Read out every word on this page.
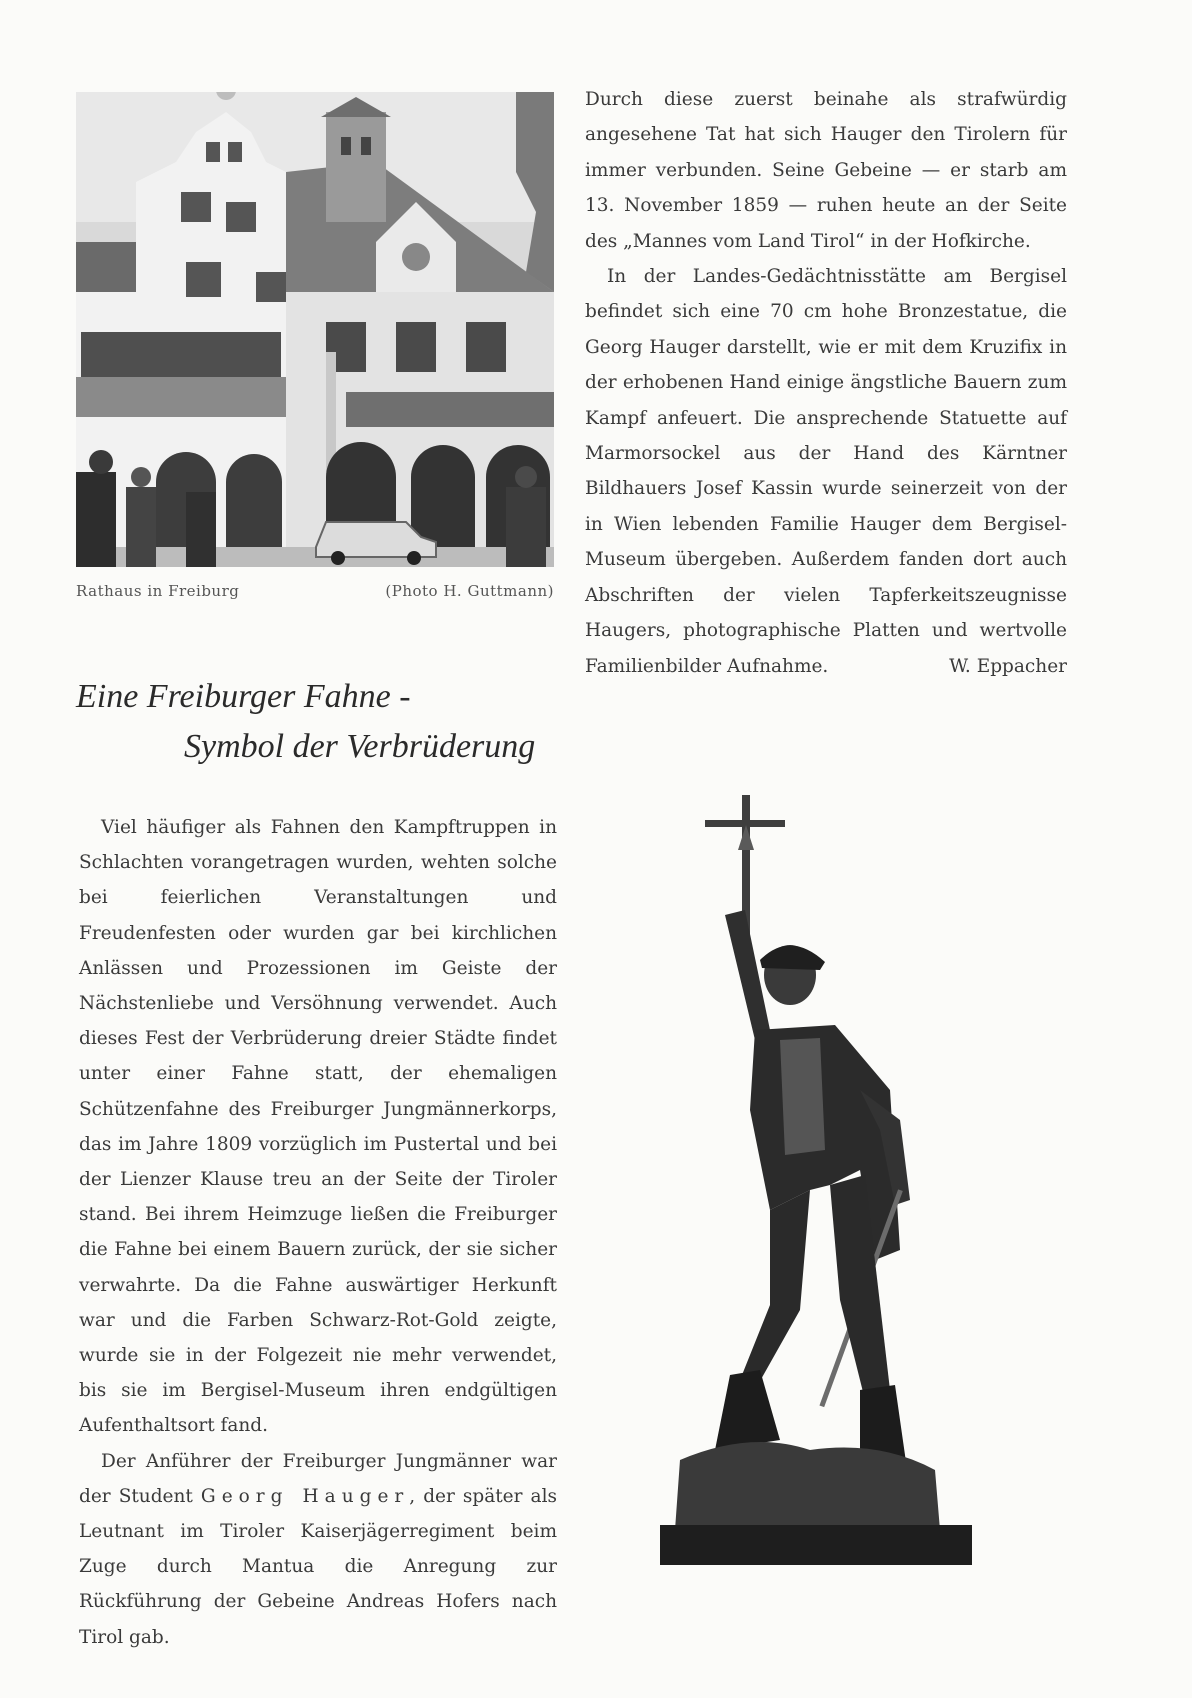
Rathaus in Freiburg	(Photo H. Guttmann)

Durch diese zuerst beinahe als strafwürdig angesehene Tat hat sich Hauger den Tirolern für immer verbunden. Seine Gebeine — er starb am 13. November 1859 — ruhen heute an der Seite des „Mannes vom Land Tirol“ in der Hofkirche.

In der Landes-Gedächtnisstätte am Bergisel befindet sich eine 70 cm hohe Bronzestatue, die Georg Hauger darstellt, wie er mit dem Kruzifix in der erhobenen Hand einige ängstliche Bauern zum Kampf anfeuert. Die ansprechende Statuette auf Marmorsockel aus der Hand des Kärntner Bildhauers Josef Kassin wurde seinerzeit von der in Wien lebenden Familie Hauger dem Bergisel-Museum übergeben. Außerdem fanden dort auch Abschriften der vielen Tapferkeitszeugnisse Haugers, photographische Platten und wertvolle Familienbilder Aufnahme.	W. Eppacher

Eine Freiburger Fahne -
Symbol der Verbrüderung

Viel häufiger als Fahnen den Kampftruppen in Schlachten vorangetragen wurden, wehten solche bei feierlichen Veranstaltungen und Freudenfesten oder wurden gar bei kirchlichen Anlässen und Prozessionen im Geiste der Nächstenliebe und Versöhnung verwendet. Auch dieses Fest der Verbrüderung dreier Städte findet unter einer Fahne statt, der ehemaligen Schützenfahne des Freiburger Jungmännerkorps, das im Jahre 1809 vorzüglich im Pustertal und bei der Lienzer Klause treu an der Seite der Tiroler stand. Bei ihrem Heimzuge ließen die Freiburger die Fahne bei einem Bauern zurück, der sie sicher verwahrte. Da die Fahne auswärtiger Herkunft war und die Farben Schwarz-Rot-Gold zeigte, wurde sie in der Folgezeit nie mehr verwendet, bis sie im Bergisel-Museum ihren endgültigen Aufenthaltsort fand.

Der Anführer der Freiburger Jungmänner war der Student Georg Hauger, der später als Leutnant im Tiroler Kaiserjägerregiment beim Zuge durch Mantua die Anregung zur Rückführung der Gebeine Andreas Hofers nach Tirol gab.
